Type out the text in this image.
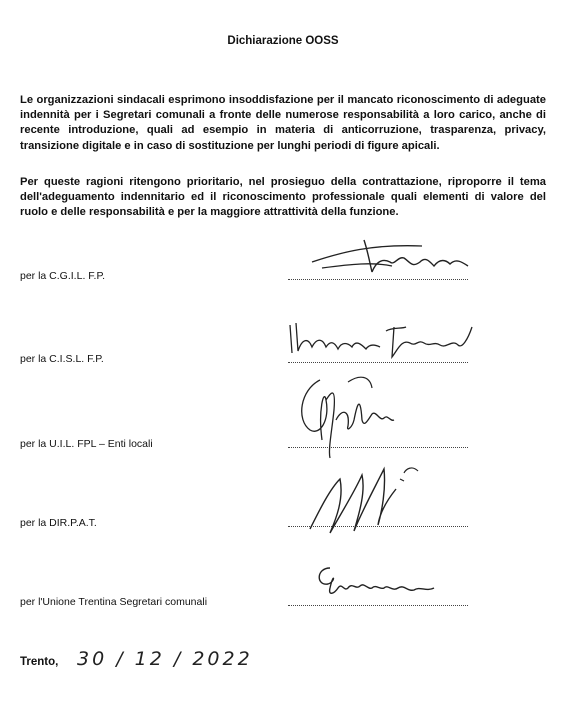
Dichiarazione OOSS
Le organizzazioni sindacali esprimono insoddisfazione per il mancato riconoscimento di adeguate indennità per i Segretari comunali a fronte delle numerose responsabilità a loro carico, anche di recente introduzione, quali ad esempio in materia di anticorruzione, trasparenza, privacy, transizione digitale e in caso di sostituzione per lunghi periodi di figure apicali.
Per queste ragioni ritengono prioritario, nel prosieguo della contrattazione, riproporre il tema dell'adeguamento indennitario ed il riconoscimento professionale quali elementi di valore del ruolo e delle responsabilità e per la maggiore attrattività della funzione.
per la C.G.I.L. F.P.
per la C.I.S.L. F.P.
per la U.I.L. FPL – Enti locali
per la DIR.P.A.T.
per l'Unione Trentina Segretari comunali
Trento, 30 / 12 / 2022
